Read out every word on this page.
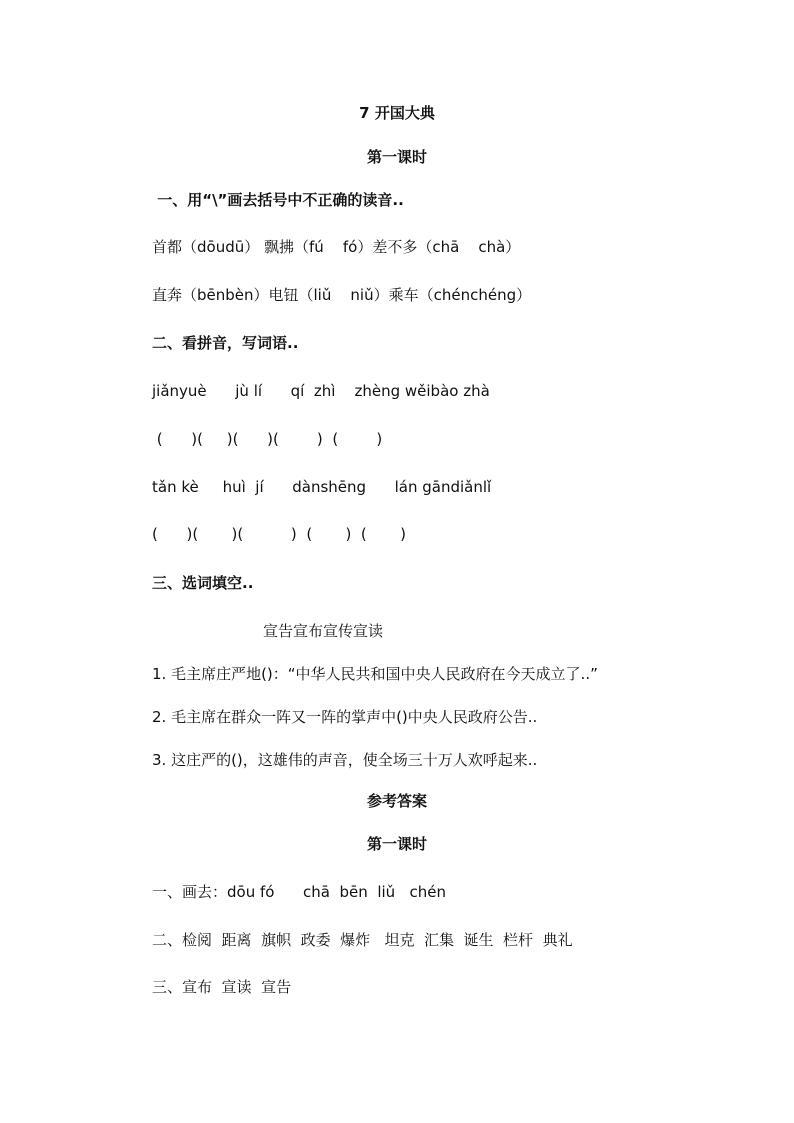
7 开国大典
第一课时
一、用“\”画去括号中不正确的读音..
首都（dōudū） 飘拂（fú    fó）差不多（chā    chà）
直奔（bēnbèn）电钮（liǔ    niǔ）乘车（chénchéng）
二、看拼音，写词语..
jiǎnyuè      jù lí      qí  zhì    zhèng wěibào zhà
(      )(     )(      )(        )  (        )
tǎn kè     huì  jí      dànshēng      lán gāndiǎnlǐ
(      )(       )(          )  (       )  (       )
三、选词填空..
宣告宣布宣传宣读
1. 毛主席庄严地()：“中华人民共和国中央人民政府在今天成立了..”
2. 毛主席在群众一阵又一阵的掌声中()中央人民政府公告..
3. 这庄严的()，这雄伟的声音，使全场三十万人欢呼起来..
参考答案
第一课时
一、画去：dōu fó      chā  bēn  liǔ   chén
二、检阅  距离  旗帜  政委  爆炸   坦克  汇集  诞生  栏杆  典礼
三、宣布  宣读  宣告
